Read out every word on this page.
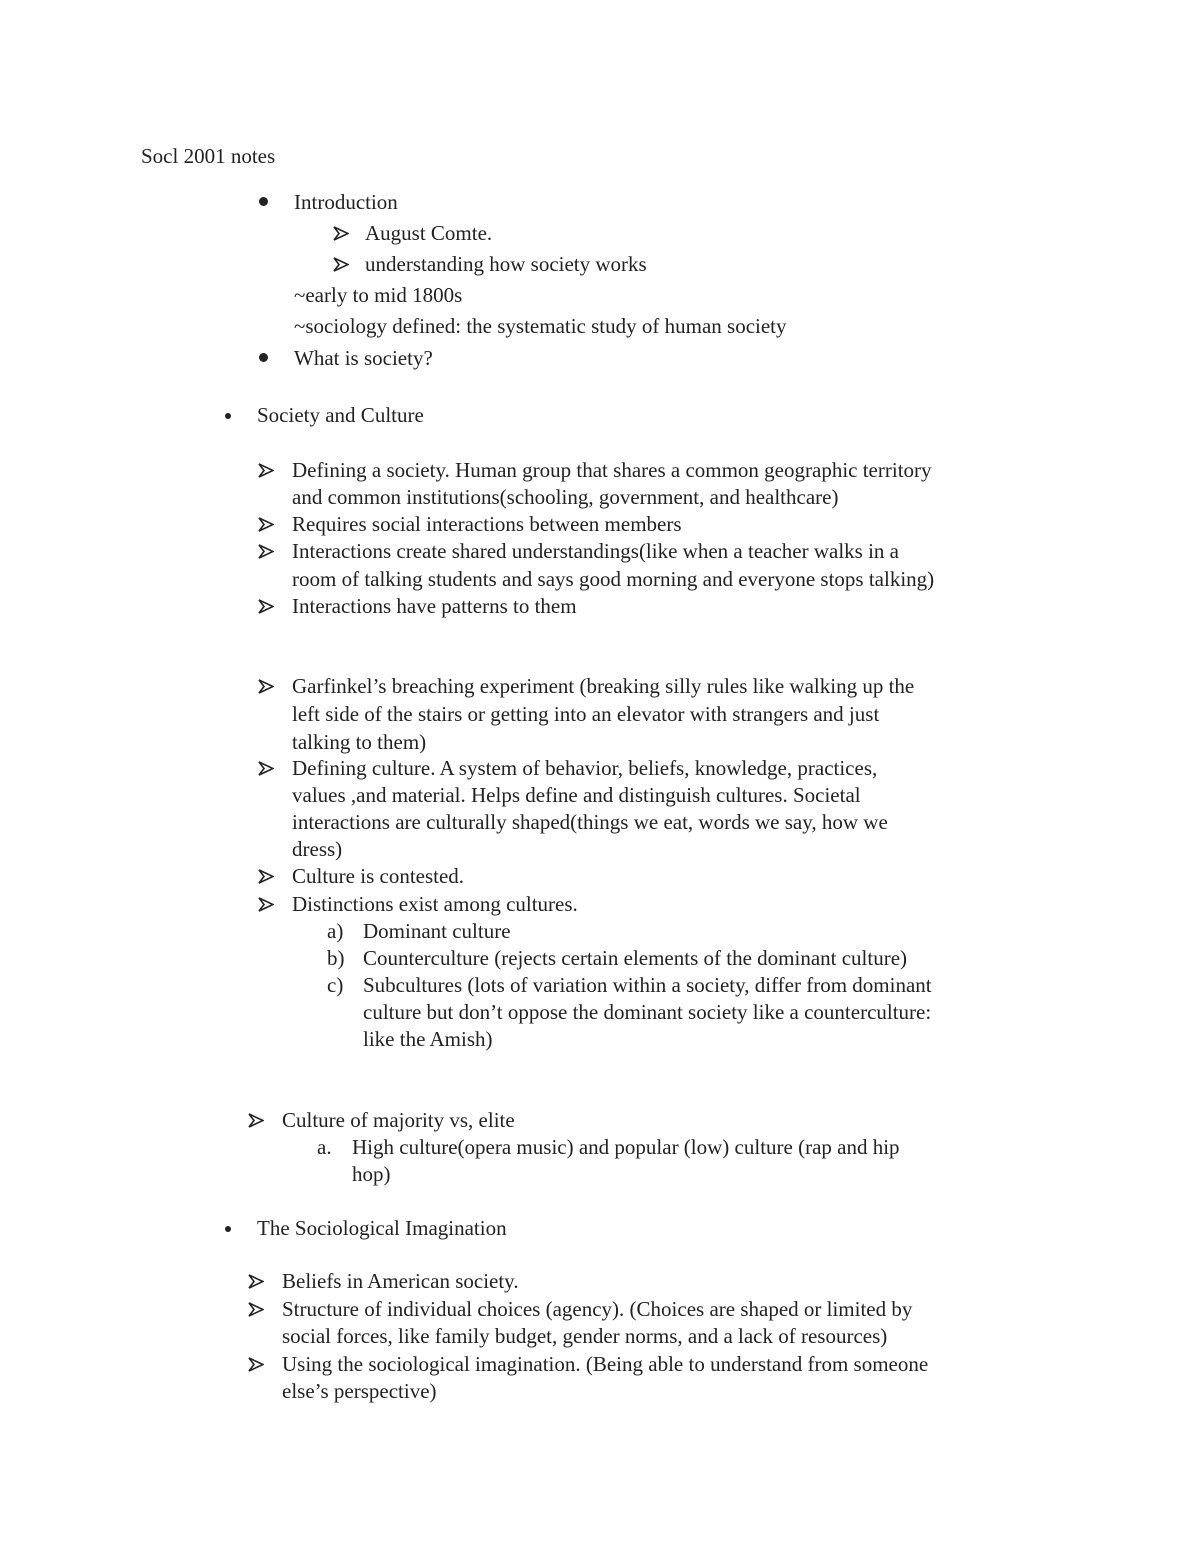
Socl 2001 notes
Introduction
August Comte.
understanding how society works
~early to mid 1800s
~sociology defined: the systematic study of human society
What is society?
Society and Culture
Defining a society. Human group that shares a common geographic territory
and common institutions(schooling, government, and healthcare)
Requires social interactions between members
Interactions create shared understandings(like when a teacher walks in a
room of talking students and says good morning and everyone stops talking)
Interactions have patterns to them
Garfinkel’s breaching experiment (breaking silly rules like walking up the
left side of the stairs or getting into an elevator with strangers and just
talking to them)
Defining culture. A system of behavior, beliefs, knowledge, practices,
values ,and material. Helps define and distinguish cultures. Societal
interactions are culturally shaped(things we eat, words we say, how we
dress)
Culture is contested.
Distinctions exist among cultures.
a) Dominant culture
b) Counterculture (rejects certain elements of the dominant culture)
c) Subcultures (lots of variation within a society, differ from dominant
culture but don’t oppose the dominant society like a counterculture:
like the Amish)
Culture of majority vs, elite
a. High culture(opera music) and popular (low) culture (rap and hip
hop)
The Sociological Imagination
Beliefs in American society.
Structure of individual choices (agency). (Choices are shaped or limited by
social forces, like family budget, gender norms, and a lack of resources)
Using the sociological imagination. (Being able to understand from someone
else’s perspective)
